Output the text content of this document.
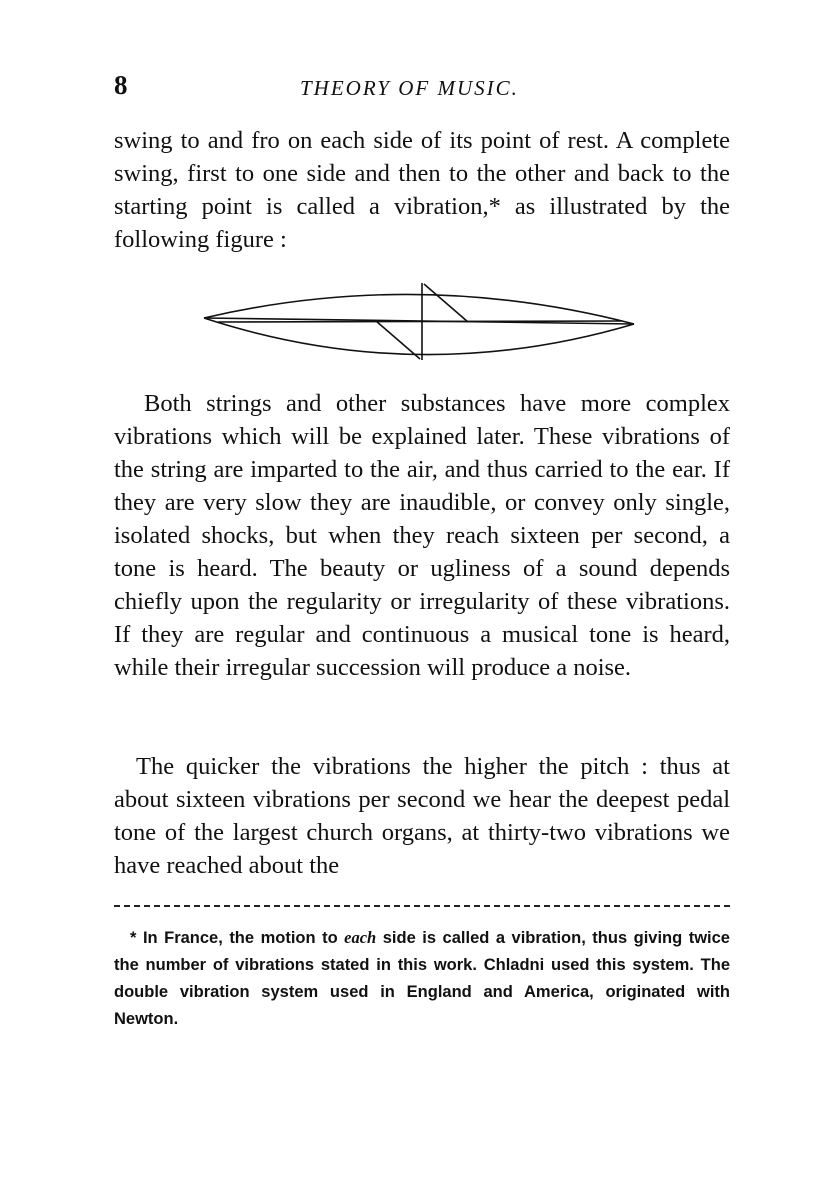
8	THEORY OF MUSIC.
swing to and fro on each side of its point of rest. A complete swing, first to one side and then to the other and back to the starting point is called a vibration,* as illustrated by the following figure :
Both strings and other substances have more complex vibrations which will be explained later. These vibrations of the string are imparted to the air, and thus carried to the ear. If they are very slow they are inaudible, or convey only single, isolated shocks, but when they reach sixteen per second, a tone is heard. The beauty or ugliness of a sound depends chiefly upon the regularity or irregularity of these vibrations. If they are regular and continuous a musical tone is heard, while their irregular succession will produce a noise.
The quicker the vibrations the higher the pitch : thus at about sixteen vibrations per second we hear the deepest pedal tone of the largest church organs, at thirty-two vibrations we have reached about the
* In France, the motion to each side is called a vibration, thus giving twice the number of vibrations stated in this work. Chladni used this system. The double vibration system used in England and America, originated with Newton.
